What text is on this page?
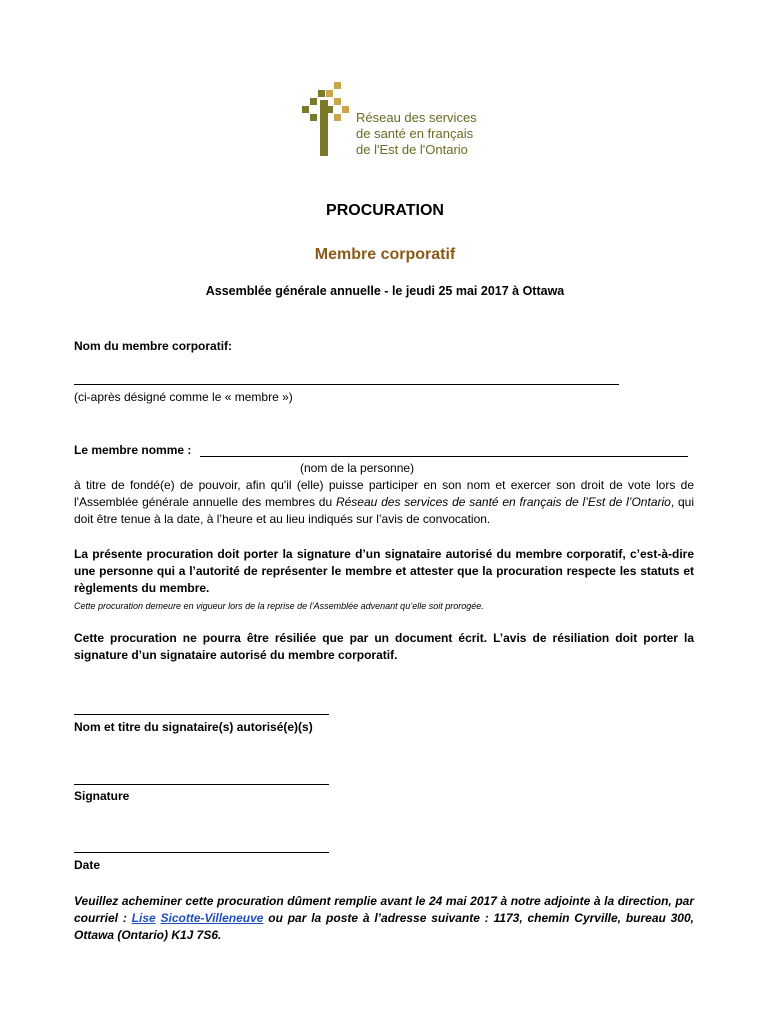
Réseau des services
de santé en français
de l'Est de l'Ontario
PROCURATION
Membre corporatif
Assemblée générale annuelle - le jeudi 25 mai 2017 à Ottawa
Nom du membre corporatif:
(ci-après désigné comme le « membre »)
Le membre nomme :
(nom de la personne)
à titre de fondé(e) de pouvoir, afin qu'il (elle) puisse participer en son nom et exercer son droit de vote lors de l'Assemblée générale annuelle des membres du Réseau des services de santé en français de l’Est de l’Ontario, qui doit être tenue à la date, à l’heure et au lieu indiqués sur l’avis de convocation.
La présente procuration doit porter la signature d’un signataire autorisé du membre corporatif, c’est-à-dire une personne qui a l’autorité de représenter le membre et attester que la procuration respecte les statuts et règlements du membre.
Cette procuration demeure en vigueur lors de la reprise de l’Assemblée advenant qu’elle soit prorogée.
Cette procuration ne pourra être résiliée que par un document écrit. L’avis de résiliation doit porter la signature d’un signataire autorisé du membre corporatif.
Nom et titre du signataire(s) autorisé(e)(s)
Signature
Date
Veuillez acheminer cette procuration dûment remplie avant le 24 mai 2017 à notre adjointe à la direction, par courriel : Lise Sicotte-Villeneuve ou par la poste à l’adresse suivante : 1173, chemin Cyrville, bureau 300, Ottawa (Ontario) K1J 7S6.
